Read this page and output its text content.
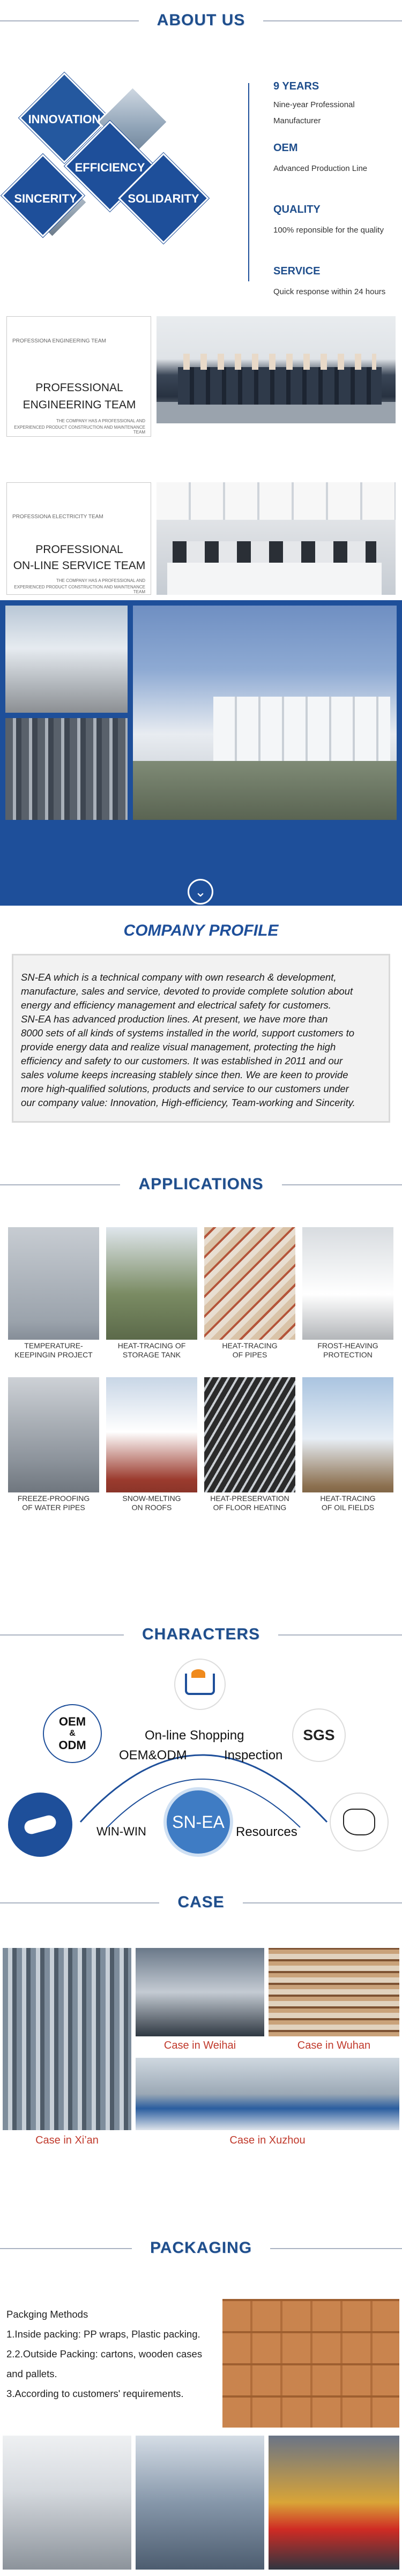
ABOUT US
INNOVATION
EFFICIENCY
SINCERITY	SOLIDARITY
9 YEARS
Nine-year Professional
Manufacturer
OEM
Advanced Production Line
QUALITY
100% reponsible for the quality
SERVICE
Quick response within 24 hours
PROFESSIONA ENGINEERING TEAM
PROFESSIONAL
ENGINEERING TEAM
THE COMPANY HAS A PROFESSIONAL AND
EXPERIENCED PRODUCT CONSTRUCTION AND MAINTENANCE TEAM
PROFESSIONA ELECTRICITY TEAM
PROFESSIONAL
ON-LINE SERVICE TEAM
THE COMPANY HAS A PROFESSIONAL AND
EXPERIENCED PRODUCT CONSTRUCTION AND MAINTENANCE TEAM
⌄
COMPANY PROFILE
SN-EA which is a technical company with own research & development,
manufacture, sales and service, devoted to provide complete solution about
energy and efficiency management and electrical safety for customers.
SN-EA has advanced production lines. At present, we have more than
8000 sets of all kinds of systems installed in the world, support customers to
provide energy data and realize visual management, protecting the high
efficiency and safety to our customers. It was established in 2011 and our
sales volume keeps increasing stablely since then. We are keen to provide
more high-qualified solutions, products and service to our customers under
our company value: Innovation, High-efficiency, Team-working and Sincerity.
APPLICATIONS
TEMPERATURE-
KEEPINGIN PROJECT
HEAT-TRACING OF
STORAGE TANK
HEAT-TRACING
OF PIPES
FROST-HEAVING
PROTECTION
FREEZE-PROOFING
OF WATER PIPES
SNOW-MELTING
ON ROOFS
HEAT-PRESERVATION
OF FLOOR HEATING
HEAT-TRACING
OF OIL FIELDS
CHARACTERS
OEM
&
ODM
SGS
SN-EA
On-line Shopping
OEM&ODM	Inspection
WIN-WIN	Resources
CASE
Case in Xi’an
Case in Weihai	Case in Wuhan
Case in Xuzhou
PACKAGING
Packging Methods
1.Inside packing: PP wraps, Plastic packing.
2.2.Outside Packing: cartons, wooden cases
and pallets.
3.According to customers' requirements.
